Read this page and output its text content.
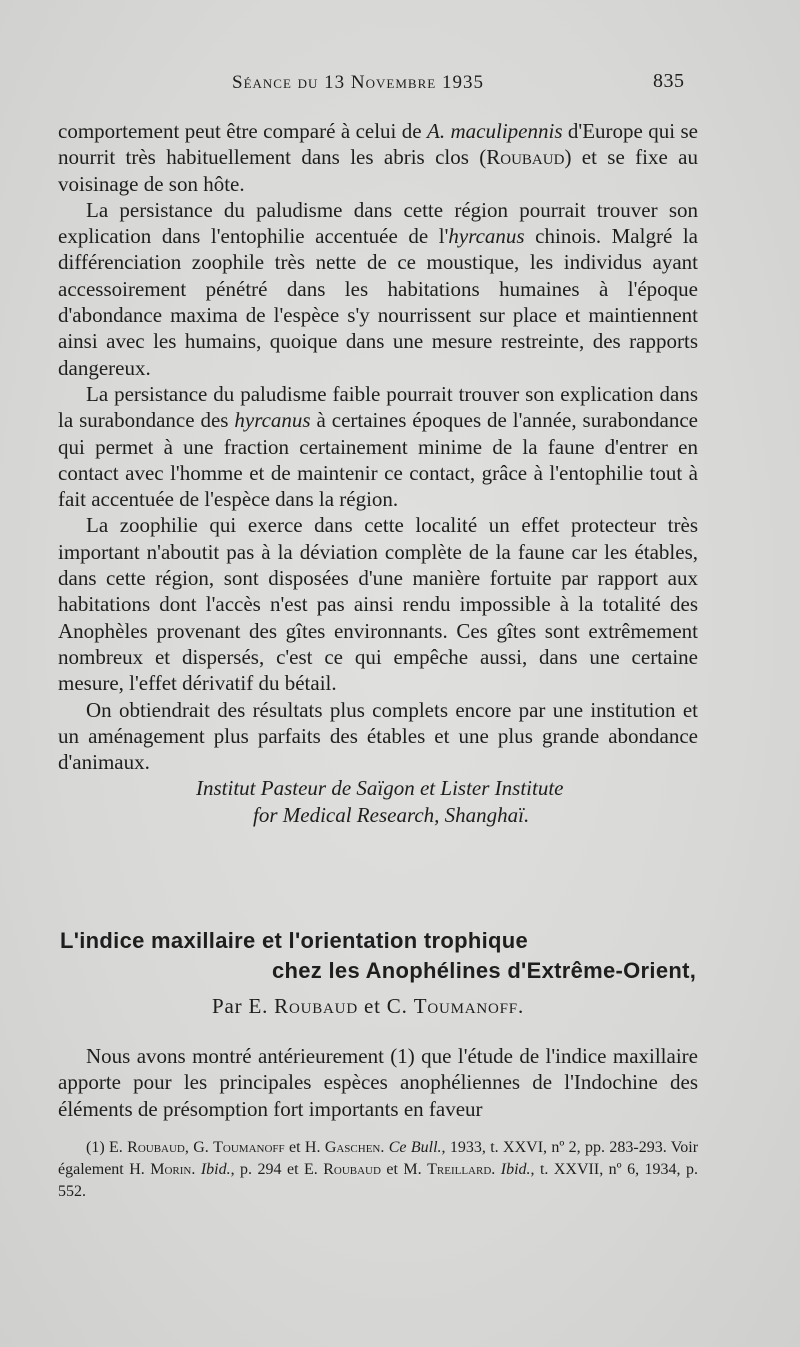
Séance du 13 Novembre 1935	835

comportement peut être comparé à celui de A. maculipennis d'Europe qui se nourrit très habituellement dans les abris clos (Roubaud) et se fixe au voisinage de son hôte.

La persistance du paludisme dans cette région pourrait trouver son explication dans l'entophilie accentuée de l'hyrcanus chinois. Malgré la différenciation zoophile très nette de ce moustique, les individus ayant accessoirement pénétré dans les habitations humaines à l'époque d'abondance maxima de l'espèce s'y nourrissent sur place et maintiennent ainsi avec les humains, quoique dans une mesure restreinte, des rapports dangereux.

La persistance du paludisme faible pourrait trouver son explication dans la surabondance des hyrcanus à certaines époques de l'année, surabondance qui permet à une fraction certainement minime de la faune d'entrer en contact avec l'homme et de maintenir ce contact, grâce à l'entophilie tout à fait accentuée de l'espèce dans la région.

La zoophilie qui exerce dans cette localité un effet protecteur très important n'aboutit pas à la déviation complète de la faune car les étables, dans cette région, sont disposées d'une manière fortuite par rapport aux habitations dont l'accès n'est pas ainsi rendu impossible à la totalité des Anophèles provenant des gîtes environnants. Ces gîtes sont extrêmement nombreux et dispersés, c'est ce qui empêche aussi, dans une certaine mesure, l'effet dérivatif du bétail.

On obtiendrait des résultats plus complets encore par une institution et un aménagement plus parfaits des étables et une plus grande abondance d'animaux.

Institut Pasteur de Saïgon et Lister Institute
for Medical Research, Shanghaï.
L'indice maxillaire et l'orientation trophique
chez les Anophélines d'Extrême-Orient,
Par E. Roubaud et C. Toumanoff.

Nous avons montré antérieurement (1) que l'étude de l'indice maxillaire apporte pour les principales espèces anophéliennes de l'Indochine des éléments de présomption fort importants en faveur

(1) E. Roubaud, G. Toumanoff et H. Gaschen. Ce Bull., 1933, t. XXVI, nº 2, pp. 283-293. Voir également H. Morin. Ibid., p. 294 et E. Roubaud et M. Treillard. Ibid., t. XXVII, nº 6, 1934, p. 552.
